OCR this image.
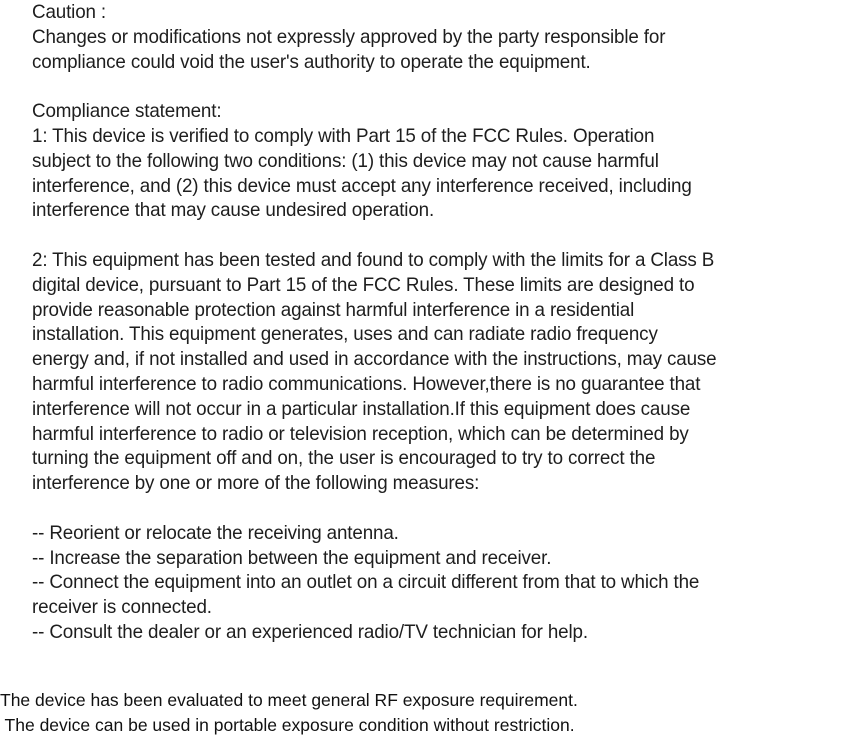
Caution :
Changes or modifications not expressly approved by the party responsible for
compliance could void the user's authority to operate the equipment.
Compliance statement:
1: This device is verified to comply with Part 15 of the FCC Rules. Operation
subject to the following two conditions: (1) this device may not cause harmful
interference, and (2) this device must accept any interference received, including
interference that may cause undesired operation.
2: This equipment has been tested and found to comply with the limits for a Class B
digital device, pursuant to Part 15 of the FCC Rules. These limits are designed to
provide reasonable protection against harmful interference in a residential
installation. This equipment generates, uses and can radiate radio frequency
energy and, if not installed and used in accordance with the instructions, may cause
harmful interference to radio communications. However,there is no guarantee that
interference will not occur in a particular installation.If this equipment does cause
harmful interference to radio or television reception, which can be determined by
turning the equipment off and on, the user is encouraged to try to correct the
interference by one or more of the following measures:
-- Reorient or relocate the receiving antenna.
-- Increase the separation between the equipment and receiver.
-- Connect the equipment into an outlet on a circuit different from that to which the
receiver is connected.
-- Consult the dealer or an experienced radio/TV technician for help.
The device has been evaluated to meet general RF exposure requirement.
The device can be used in portable exposure condition without restriction.
